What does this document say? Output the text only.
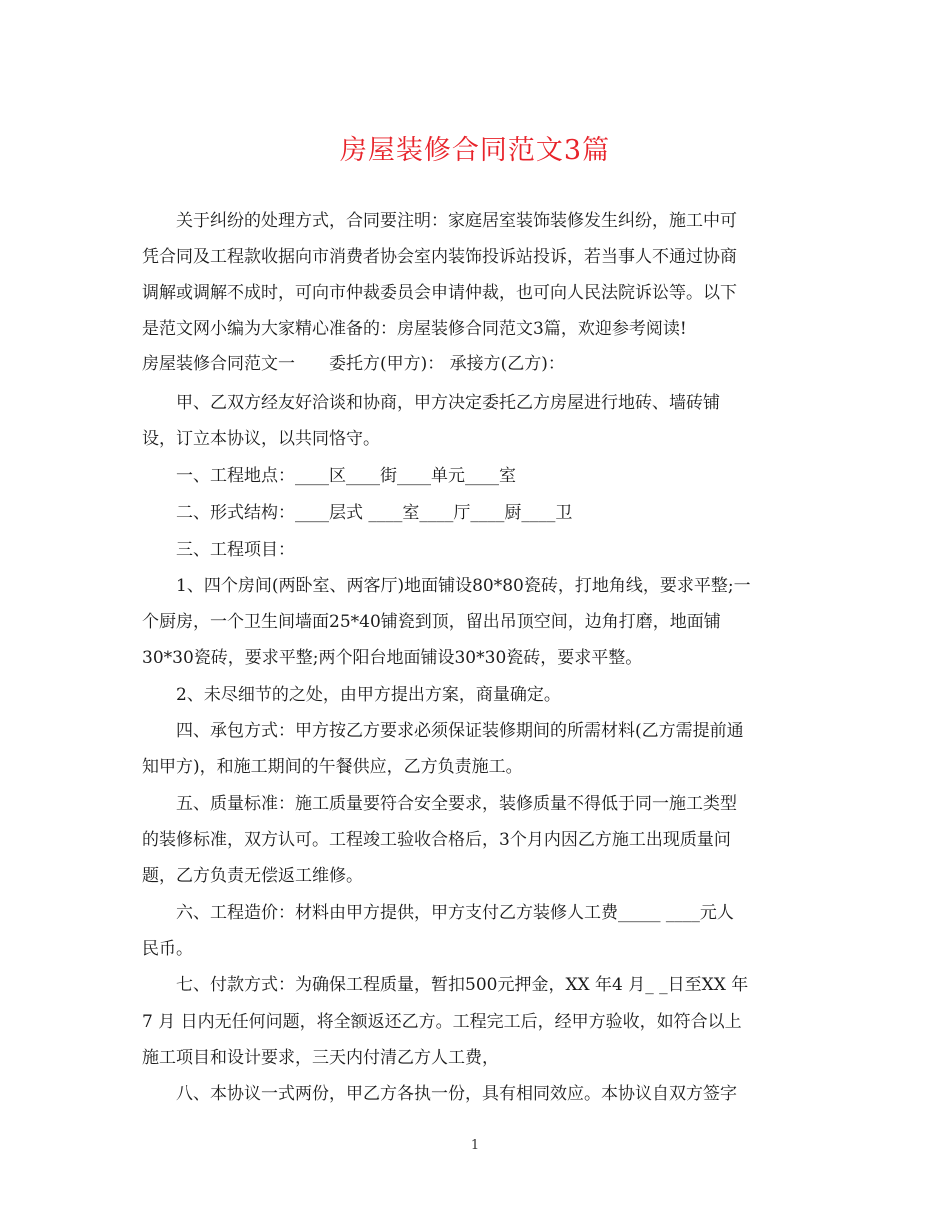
房屋装修合同范文3篇
　　关于纠纷的处理方式，合同要注明：家庭居室装饰装修发生纠纷，施工中可
凭合同及工程款收据向市消费者协会室内装饰投诉站投诉，若当事人不通过协商
调解或调解不成时，可向市仲裁委员会申请仲裁，也可向人民法院诉讼等。以下
是范文网小编为大家精心准备的：房屋装修合同范文3篇，欢迎参考阅读!
房屋装修合同范文一　　委托方(甲方)： 承接方(乙方)：
　　甲、乙双方经友好洽谈和协商，甲方决定委托乙方房屋进行地砖、墙砖铺
设，订立本协议，以共同恪守。
　　一、工程地点：____区____街____单元____室
　　二、形式结构：____层式 ____室____厅____厨____卫
　　三、工程项目：
　　1、四个房间(两卧室、两客厅)地面铺设80*80瓷砖，打地角线，要求平整;一
个厨房，一个卫生间墙面25*40铺瓷到顶，留出吊顶空间，边角打磨，地面铺
30*30瓷砖，要求平整;两个阳台地面铺设30*30瓷砖，要求平整。
　　2、未尽细节的之处，由甲方提出方案，商量确定。
　　四、承包方式：甲方按乙方要求必须保证装修期间的所需材料(乙方需提前通
知甲方)，和施工期间的午餐供应，乙方负责施工。
　　五、质量标准：施工质量要符合安全要求，装修质量不得低于同一施工类型
的装修标准，双方认可。工程竣工验收合格后，3个月内因乙方施工出现质量问
题，乙方负责无偿返工维修。
　　六、工程造价：材料由甲方提供，甲方支付乙方装修人工费_____ ____元人
民币。
　　七、付款方式：为确保工程质量，暂扣500元押金，XX 年4 月_ _日至XX 年
7 月 日内无任何问题，将全额返还乙方。工程完工后，经甲方验收，如符合以上
施工项目和设计要求，三天内付清乙方人工费，
　　八、本协议一式两份，甲乙方各执一份，具有相同效应。本协议自双方签字
1
